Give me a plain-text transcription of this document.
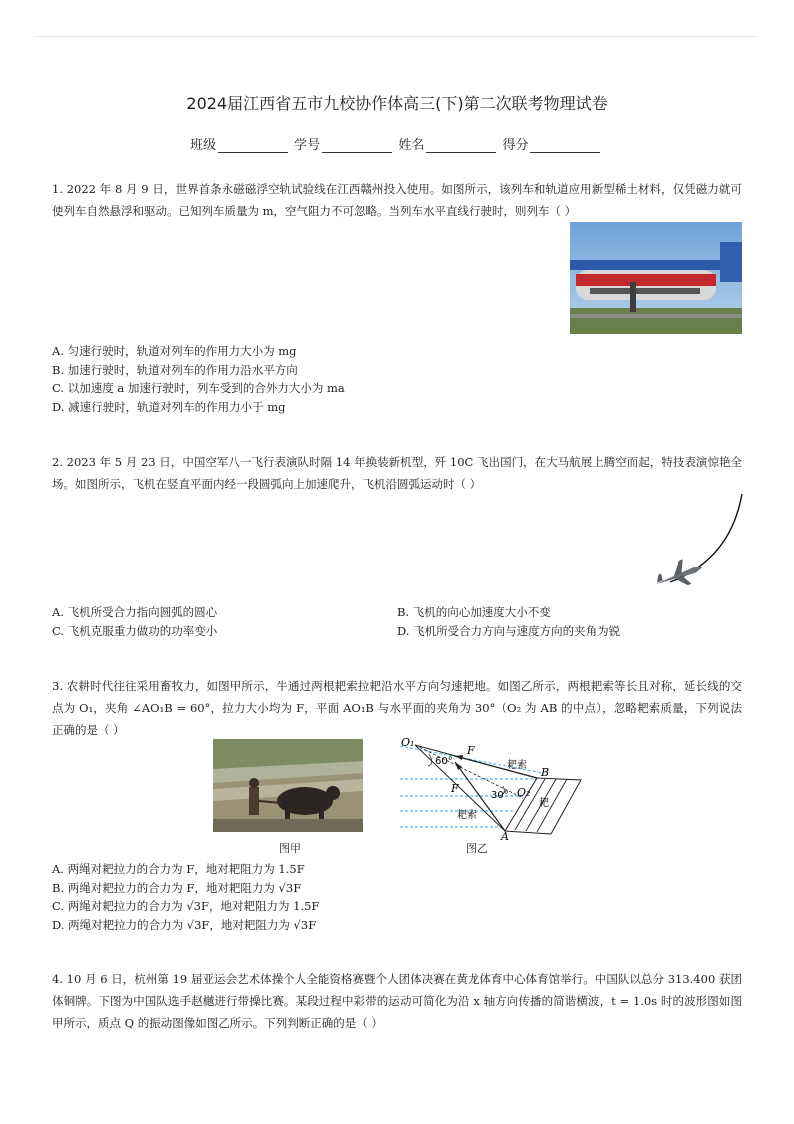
2024届江西省五市九校协作体高三(下)第二次联考物理试卷
班级	学号	姓名	得分
1. 2022 年 8 月 9 日，世界首条永磁磁浮空轨试验线在江西赣州投入使用。如图所示，该列车和轨道应用新型稀土材料，仅凭磁力就可使列车自然悬浮和驱动。已知列车质量为 m，空气阻力不可忽略。当列车水平直线行驶时，则列车（ ）
A. 匀速行驶时，轨道对列车的作用力大小为 mg
B. 加速行驶时，轨道对列车的作用力沿水平方向
C. 以加速度 a 加速行驶时，列车受到的合外力大小为 ma
D. 减速行驶时，轨道对列车的作用力小于 mg
2. 2023 年 5 月 23 日，中国空军八一飞行表演队时隔 14 年换装新机型，歼 10C 飞出国门，在大马航展上腾空而起，特技表演惊艳全场。如图所示，飞机在竖直平面内经一段圆弧向上加速爬升，飞机沿圆弧运动时（ ）
A. 飞机所受合力指向圆弧的圆心	B. 飞机的向心加速度大小不变
C. 飞机克服重力做功的功率变小	D. 飞机所受合力方向与速度方向的夹角为锐
3. 农耕时代往往采用畜牧力，如图甲所示，牛通过两根耙索拉耙沿水平方向匀速耙地。如图乙所示，两根耙索等长且对称，延长线的交点为 O₁，夹角 ∠AO₁B = 60°，拉力大小均为 F，平面 AO₁B 与水平面的夹角为 30°（O₂ 为 AB 的中点），忽略耙索质量，下列说法正确的是（ ）
图甲
O₁
F
F
60°
30°
耙索
耙索
耙
B
A
O₂
图乙
A. 两绳对耙拉力的合力为 F，地对耙阻力为 1.5F
B. 两绳对耙拉力的合力为 F，地对耙阻力为 √3F
C. 两绳对耙拉力的合力为 √3F，地对耙阻力为 1.5F
D. 两绳对耙拉力的合力为 √3F，地对耙阻力为 √3F
4. 10 月 6 日，杭州第 19 届亚运会艺术体操个人全能资格赛暨个人团体决赛在黄龙体育中心体育馆举行。中国队以总分 313.400 获团体铜牌。下图为中国队选手赵樾进行带操比赛。某段过程中彩带的运动可简化为沿 x 轴方向传播的简谐横波，t = 1.0s 时的波形图如图甲所示，质点 Q 的振动图像如图乙所示。下列判断正确的是（ ）
